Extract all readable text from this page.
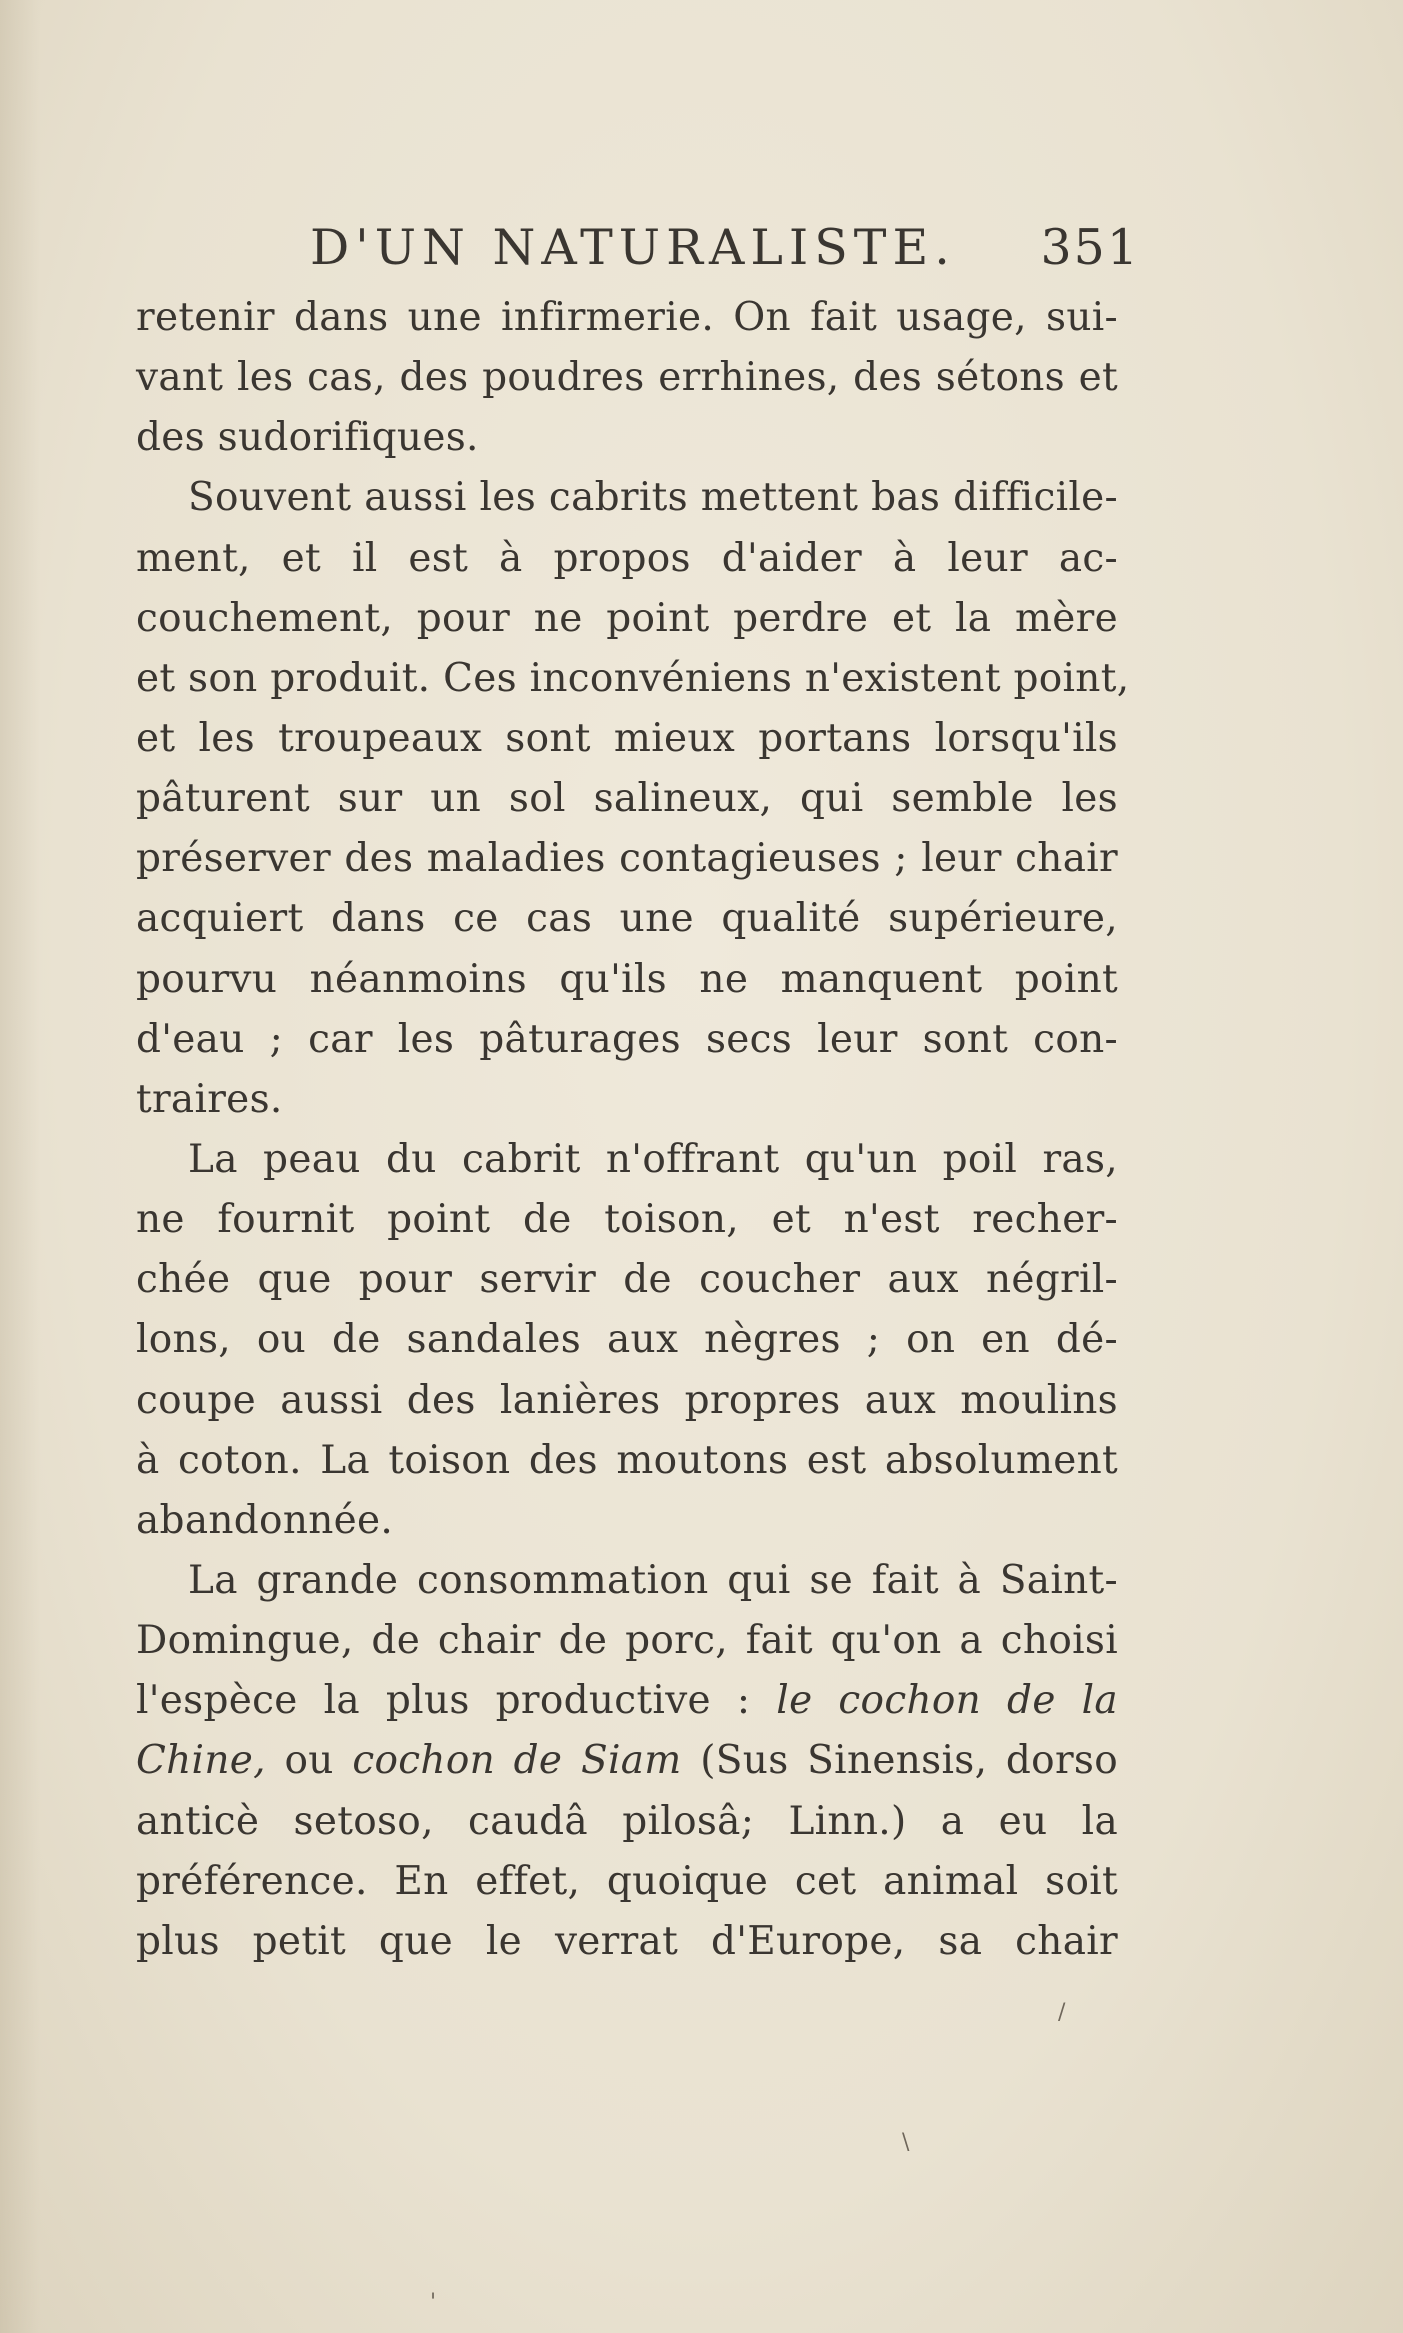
D'UN NATURALISTE. 351
retenir dans une infirmerie. On fait usage, sui-
vant les cas, des poudres errhines, des sétons et
des sudorifiques.
Souvent aussi les cabrits mettent bas difficile-
ment, et il est à propos d'aider à leur ac-
couchement, pour ne point perdre et la mère
et son produit. Ces inconvéniens n'existent point,
et les troupeaux sont mieux portans lorsqu'ils
pâturent sur un sol salineux, qui semble les
préserver des maladies contagieuses ; leur chair
acquiert dans ce cas une qualité supérieure,
pourvu néanmoins qu'ils ne manquent point
d'eau ; car les pâturages secs leur sont con-
traires.
La peau du cabrit n'offrant qu'un poil ras,
ne fournit point de toison, et n'est recher-
chée que pour servir de coucher aux négril-
lons, ou de sandales aux nègres ; on en dé-
coupe aussi des lanières propres aux moulins
à coton. La toison des moutons est absolument
abandonnée.
La grande consommation qui se fait à Saint-
Domingue, de chair de porc, fait qu'on a choisi
l'espèce la plus productive : le cochon de la
Chine, ou cochon de Siam (Sus Sinensis, dorso
anticè setoso, caudâ pilosâ; Linn.) a eu la
préférence. En effet, quoique cet animal soit
plus petit que le verrat d'Europe, sa chair
/
\
'
